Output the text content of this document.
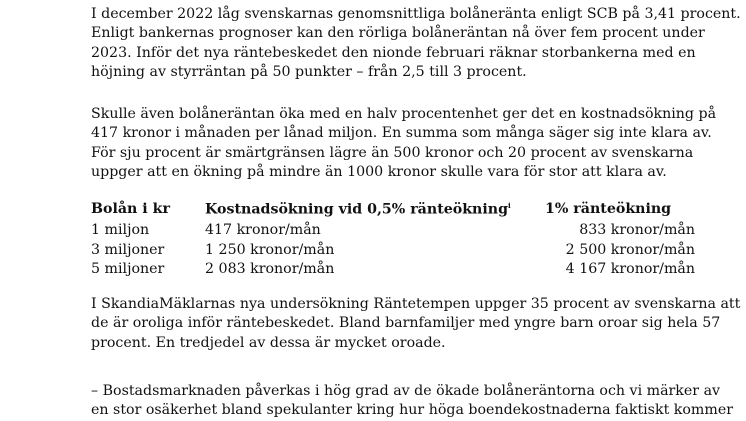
I december 2022 låg svenskarnas genomsnittliga bolåneränta enligt SCB på 3,41 procent.
Enligt bankernas prognoser kan den rörliga bolåneräntan nå över fem procent under
2023. Inför det nya räntebeskedet den nionde februari räknar storbankerna med en
höjning av styrräntan på 50 punkter – från 2,5 till 3 procent.

Skulle även bolåneräntan öka med en halv procentenhet ger det en kostnadsökning på
417 kronor i månaden per lånad miljon. En summa som många säger sig inte klara av.
För sju procent är smärtgränsen lägre än 500 kronor och 20 procent av svenskarna
uppger att en ökning på mindre än 1000 kronor skulle vara för stor att klara av.

Bolån i kr	Kostnadsökning vid 0,5% ränteökning$^i$	1% ränteökning
1 miljon	417 kronor/mån	833 kronor/mån
3 miljoner	1 250 kronor/mån	2 500 kronor/mån
5 miljoner	2 083 kronor/mån	4 167 kronor/mån

I SkandiaMäklarnas nya undersökning Räntetempen uppger 35 procent av svenskarna att
de är oroliga inför räntebeskedet. Bland barnfamiljer med yngre barn oroar sig hela 57
procent. En tredjedel av dessa är mycket oroade.

– Bostadsmarknaden påverkas i hög grad av de ökade bolåneräntorna och vi märker av
en stor osäkerhet bland spekulanter kring hur höga boendekostnaderna faktiskt kommer
